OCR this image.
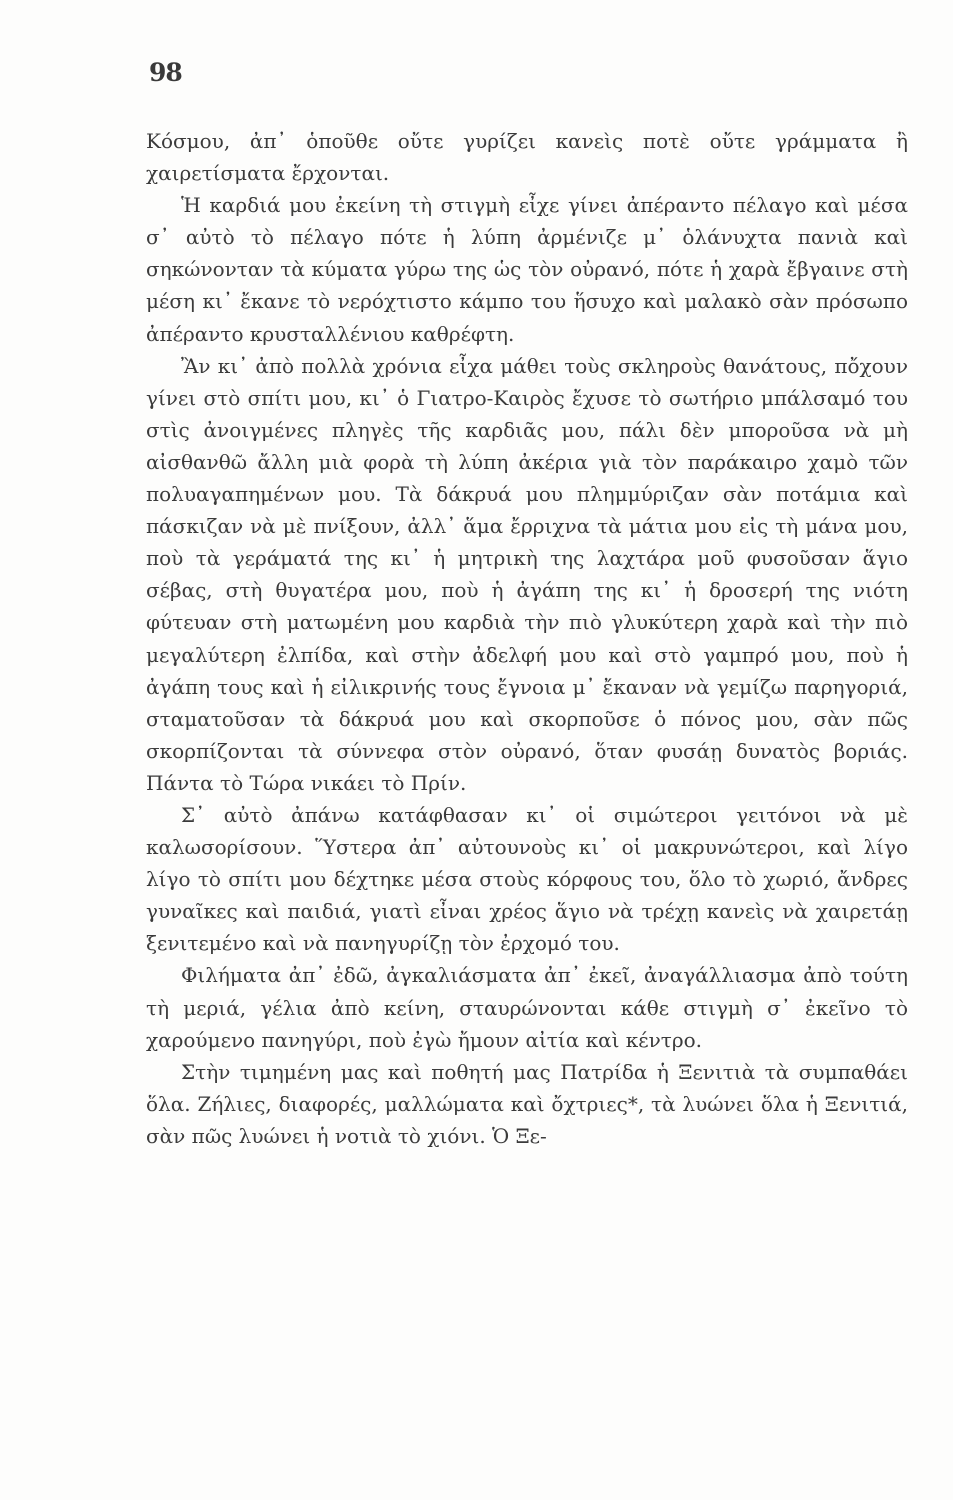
98

Κόσμου, ἀπ᾽ ὁποῦθε οὔτε γυρίζει κανεὶς ποτὲ οὔτε γράμματα ἢ χαιρετίσματα ἔρχονται.

Ἡ καρδιά μου ἐκείνη τὴ στιγμὴ εἶχε γίνει ἀπέραντο πέλαγο καὶ μέσα σ᾽ αὐτὸ τὸ πέλαγο πότε ἡ λύπη ἀρμένιζε μ᾽ ὁλάνυχτα πανιὰ καὶ σηκώνονταν τὰ κύματα γύρω της ὡς τὸν οὐρανό, πότε ἡ χαρὰ ἔβγαινε στὴ μέση κι᾽ ἔκανε τὸ νερόχτιστο κάμπο του ἥσυχο καὶ μαλακὸ σὰν πρόσωπο ἀπέραντο κρυσταλλένιου καθρέφτη.

Ἂν κι᾽ ἀπὸ πολλὰ χρόνια εἶχα μάθει τοὺς σκληροὺς θανάτους, πὄχουν γίνει στὸ σπίτι μου, κι᾽ ὁ Γιατρο-Καιρὸς ἔχυσε τὸ σωτήριο μπάλσαμό του στὶς ἀνοιγμένες πληγὲς τῆς καρδιᾶς μου, πάλι δὲν μποροῦσα νὰ μὴ αἰσθανθῶ ἄλλη μιὰ φορὰ τὴ λύπη ἀκέρια γιὰ τὸν παράκαιρο χαμὸ τῶν πολυαγαπημένων μου. Τὰ δάκρυά μου πλημμύριζαν σὰν ποτάμια καὶ πάσκιζαν νὰ μὲ πνίξουν, ἀλλ᾽ ἅμα ἔρριχνα τὰ μάτια μου εἰς τὴ μάνα μου, ποὺ τὰ γεράματά της κι᾽ ἡ μητρικὴ της λαχτάρα μοῦ φυσοῦσαν ἅγιο σέβας, στὴ θυγατέρα μου, ποὺ ἡ ἀγάπη της κι᾽ ἡ δροσερή της νιότη φύτευαν στὴ ματωμένη μου καρδιὰ τὴν πιὸ γλυκύτερη χαρὰ καὶ τὴν πιὸ μεγαλύτερη ἐλπίδα, καὶ στὴν ἀδελφή μου καὶ στὸ γαμπρό μου, ποὺ ἡ ἀγάπη τους καὶ ἡ εἰλικρινής τους ἔγνοια μ᾽ ἔκαναν νὰ γεμίζω παρηγοριά, σταματοῦσαν τὰ δάκρυά μου καὶ σκορποῦσε ὁ πόνος μου, σὰν πῶς σκορπίζονται τὰ σύννεφα στὸν οὐρανό, ὅταν φυσάῃ δυνατὸς βοριάς. Πάντα τὸ Τώρα νικάει τὸ Πρίν.

Σ᾽ αὐτὸ ἀπάνω κατάφθασαν κι᾽ οἱ σιμώτεροι γειτόνοι νὰ μὲ καλωσορίσουν. Ὕστερα ἀπ᾽ αὐτουνοὺς κι᾽ οἱ μακρυνώτεροι, καὶ λίγο λίγο τὸ σπίτι μου δέχτηκε μέσα στοὺς κόρφους του, ὅλο τὸ χωριό, ἄνδρες γυναῖκες καὶ παιδιά, γιατὶ εἶναι χρέος ἅγιο νὰ τρέχῃ κανεὶς νὰ χαιρετάῃ ξενιτεμένο καὶ νὰ πανηγυρίζῃ τὸν ἐρχομό του.

Φιλήματα ἀπ᾽ ἐδῶ, ἀγκαλιάσματα ἀπ᾽ ἐκεῖ, ἀναγάλλιασμα ἀπὸ τούτη τὴ μεριά, γέλια ἀπὸ κείνη, σταυρώνονται κάθε στιγμὴ σ᾽ ἐκεῖνο τὸ χαρούμενο πανηγύρι, ποὺ ἐγὼ ἤμουν αἰτία καὶ κέντρο.

Στὴν τιμημένη μας καὶ ποθητή μας Πατρίδα ἡ Ξενιτιὰ τὰ συμπαθάει ὅλα. Ζήλιες, διαφορές, μαλλώματα καὶ ὄχτριες*, τὰ λυώνει ὅλα ἡ Ξενιτιά, σὰν πῶς λυώνει ἡ νοτιὰ τὸ χιόνι. Ὁ Ξε-
